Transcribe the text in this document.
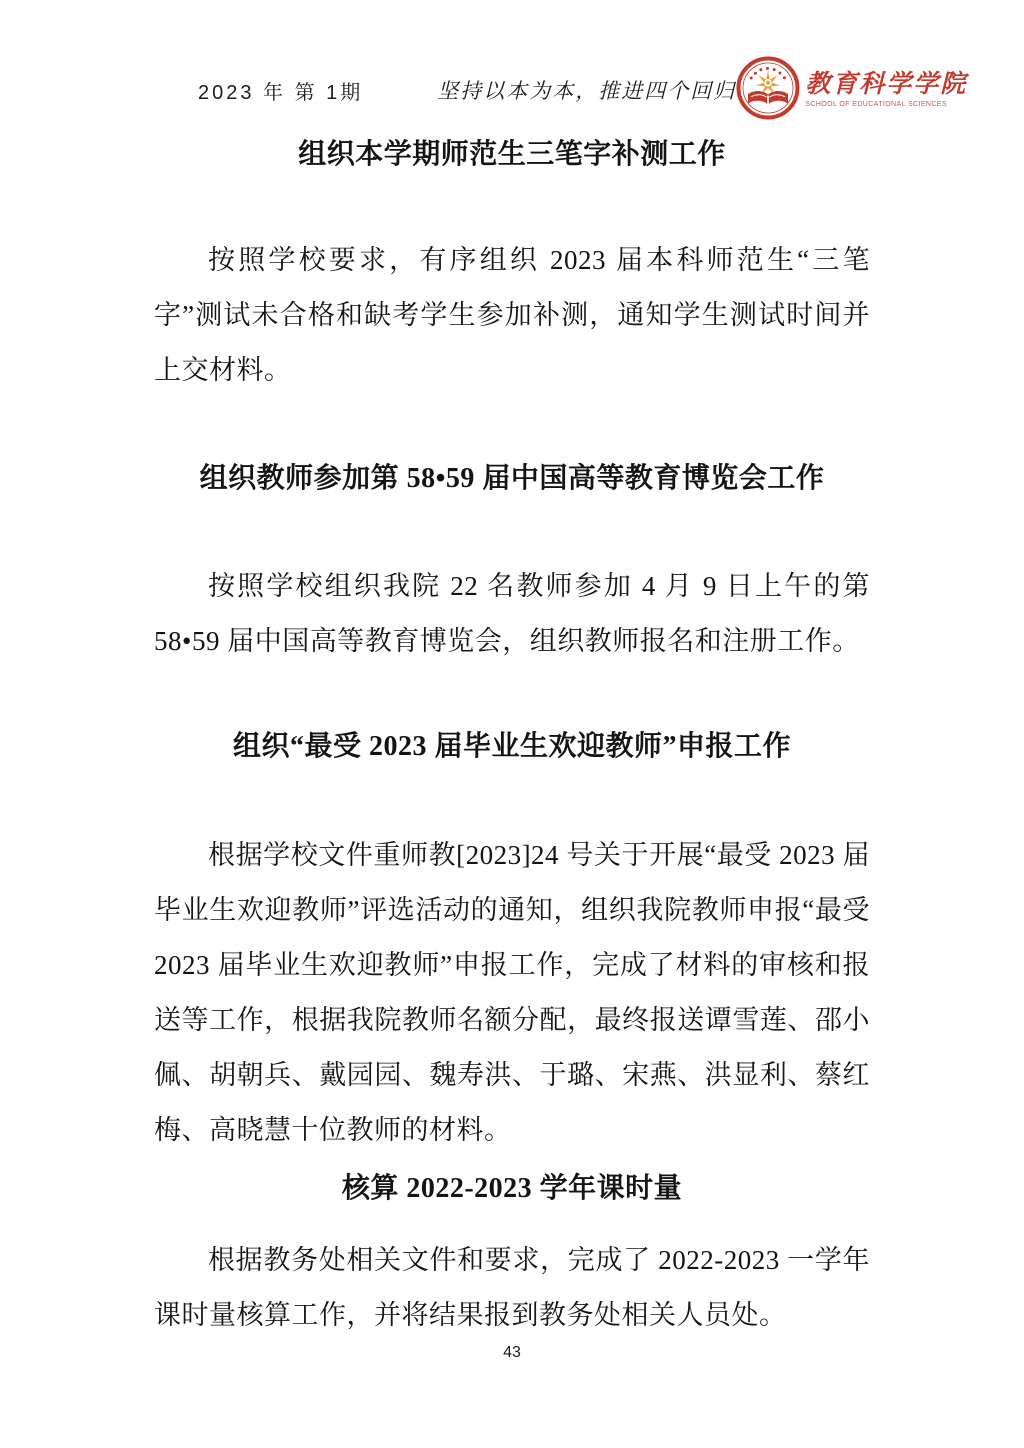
2023 年 第 1期	坚持以本为本，推进四个回归	教育科学学院
SCHOOL OF EDUCATIONAL SCIENCES
组织本学期师范生三笔字补测工作

按照学校要求，有序组织 2023 届本科师范生“三笔字”测试未合格和缺考学生参加补测，通知学生测试时间并上交材料。

组织教师参加第 58•59 届中国高等教育博览会工作

按照学校组织我院 22 名教师参加 4 月 9 日上午的第 58•59 届中国高等教育博览会，组织教师报名和注册工作。

组织“最受 2023 届毕业生欢迎教师”申报工作

根据学校文件重师教[2023]24 号关于开展“最受 2023 届毕业生欢迎教师”评选活动的通知，组织我院教师申报“最受 2023 届毕业生欢迎教师”申报工作，完成了材料的审核和报送等工作，根据我院教师名额分配，最终报送谭雪莲、邵小佩、胡朝兵、戴园园、魏寿洪、于璐、宋燕、洪显利、蔡红梅、高晓慧十位教师的材料。

核算 2022-2023 学年课时量

根据教务处相关文件和要求，完成了 2022-2023 一学年课时量核算工作，并将结果报到教务处相关人员处。

43
